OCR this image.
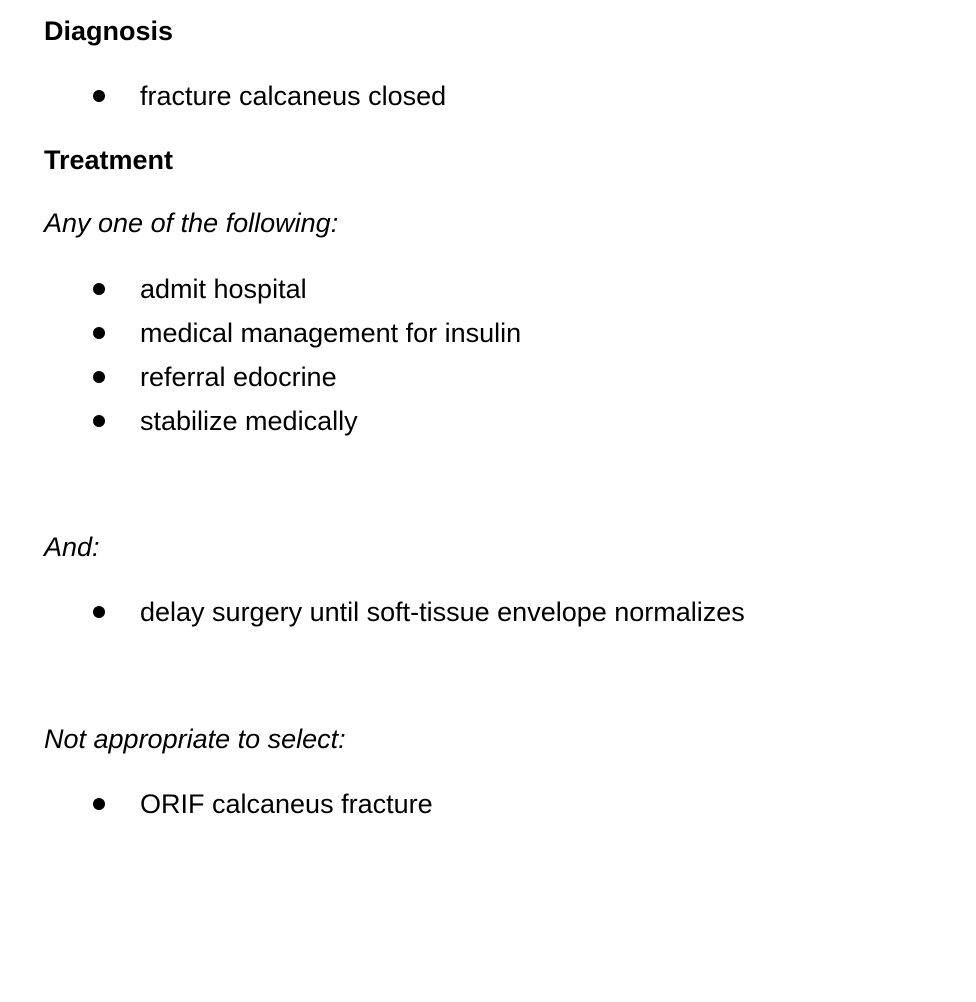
Diagnosis
fracture calcaneus closed
Treatment
Any one of the following:
admit hospital
medical management for insulin
referral edocrine
stabilize medically
And:
delay surgery until soft-tissue envelope normalizes
Not appropriate to select:
ORIF calcaneus fracture
